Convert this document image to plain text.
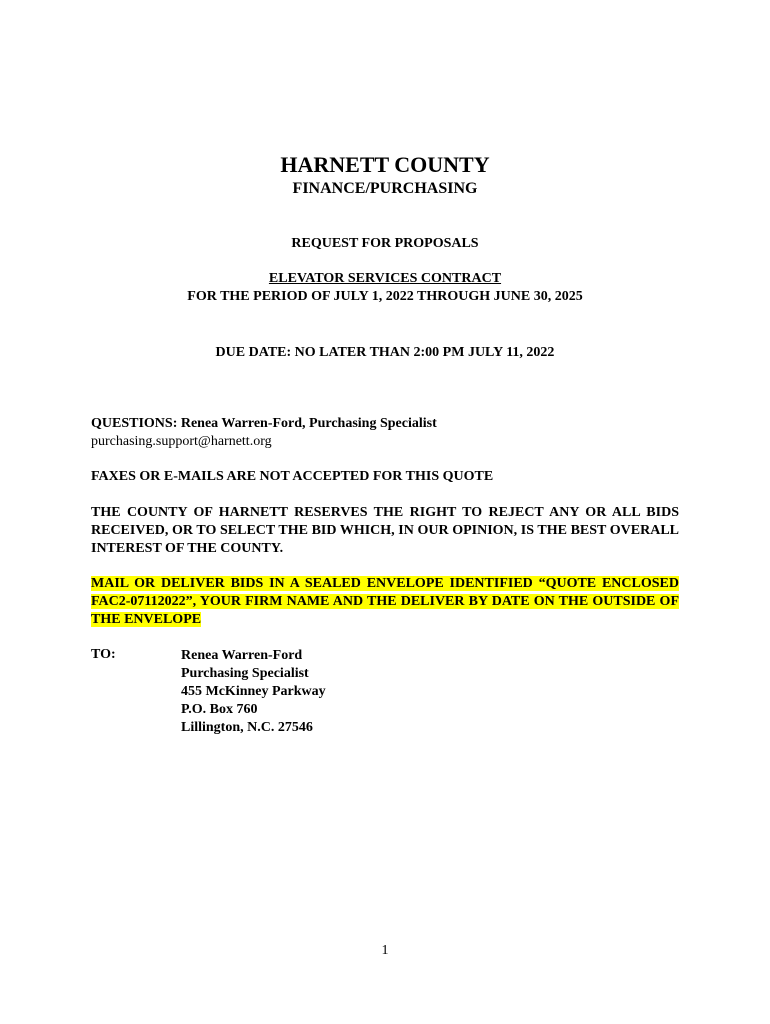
HARNETT COUNTY

FINANCE/PURCHASING

REQUEST FOR PROPOSALS

ELEVATOR SERVICES CONTRACT

FOR THE PERIOD OF JULY 1, 2022 THROUGH JUNE 30, 2025

DUE DATE: NO LATER THAN 2:00 PM JULY 11, 2022

QUESTIONS: Renea Warren-Ford, Purchasing Specialist

purchasing.support@harnett.org

FAXES OR E-MAILS ARE NOT ACCEPTED FOR THIS QUOTE

THE COUNTY OF HARNETT RESERVES THE RIGHT TO REJECT ANY OR ALL BIDS RECEIVED, OR TO SELECT THE BID WHICH, IN OUR OPINION, IS THE BEST OVERALL INTEREST OF THE COUNTY.

MAIL OR DELIVER BIDS IN A SEALED ENVELOPE IDENTIFIED “QUOTE ENCLOSED FAC2-07112022”, YOUR FIRM NAME AND THE DELIVER BY DATE ON THE OUTSIDE OF THE ENVELOPE

TO:	Renea Warren-Ford
Purchasing Specialist
455 McKinney Parkway
P.O. Box 760
Lillington, N.C. 27546

1
